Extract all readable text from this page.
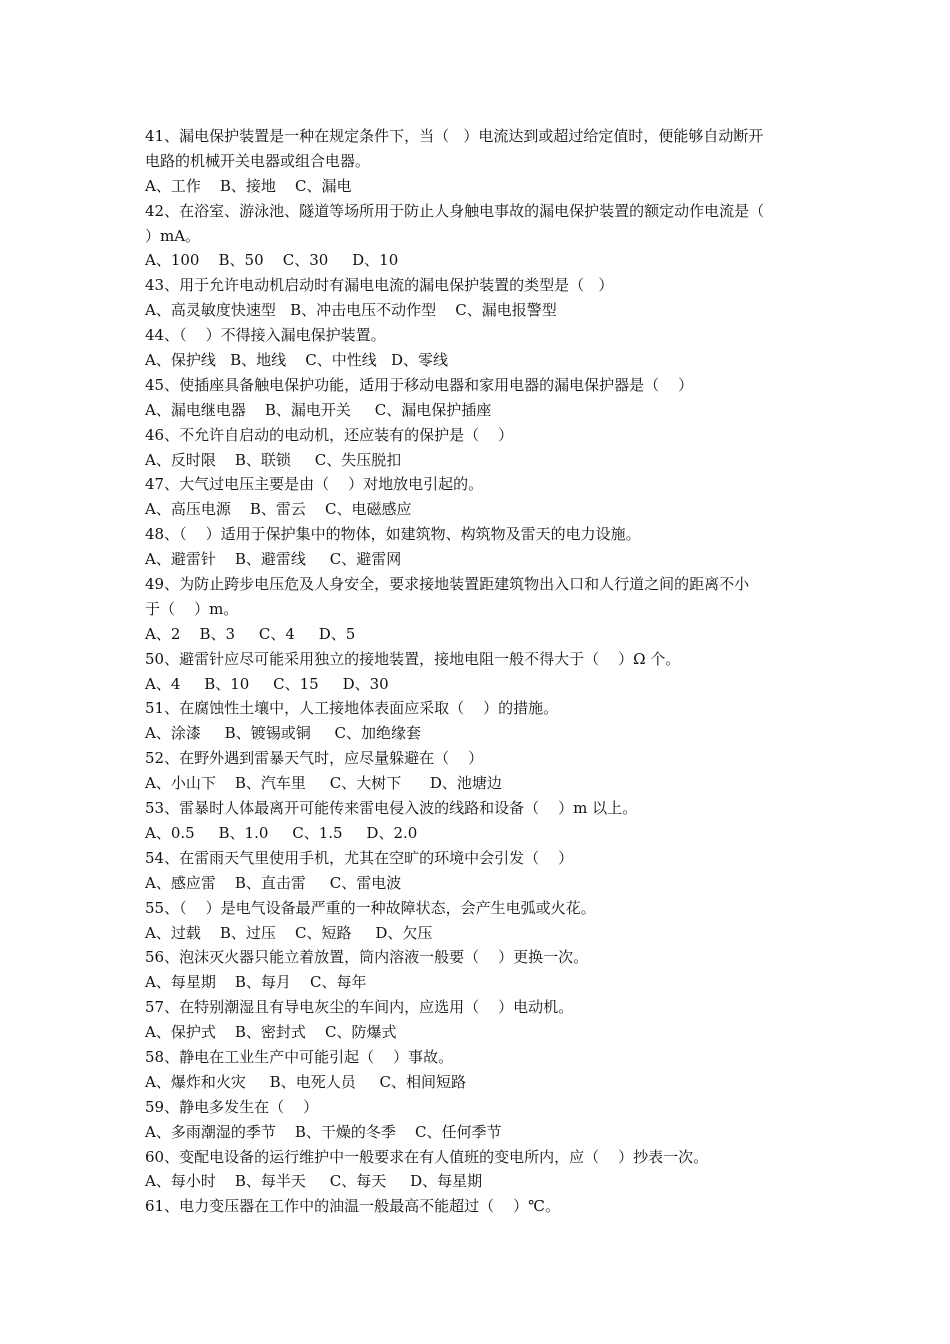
41、漏电保护装置是一种在规定条件下，当（   ）电流达到或超过给定值时，便能够自动断开
电路的机械开关电器或组合电器。
A、工作    B、接地    C、漏电
42、在浴室、游泳池、隧道等场所用于防止人身触电事故的漏电保护装置的额定动作电流是（
）mA。
A、100    B、50    C、30     D、10
43、用于允许电动机启动时有漏电电流的漏电保护装置的类型是（   ）
A、高灵敏度快速型   B、冲击电压不动作型    C、漏电报警型
44、（    ）不得接入漏电保护装置。
A、保护线   B、地线    C、中性线   D、零线
45、使插座具备触电保护功能，适用于移动电器和家用电器的漏电保护器是（    ）
A、漏电继电器    B、漏电开关     C、漏电保护插座
46、不允许自启动的电动机，还应装有的保护是（    ）
A、反时限    B、联锁     C、失压脱扣
47、大气过电压主要是由（    ）对地放电引起的。
A、高压电源    B、雷云    C、电磁感应
48、（    ）适用于保护集中的物体，如建筑物、构筑物及雷天的电力设施。
A、避雷针    B、避雷线     C、避雷网
49、为防止跨步电压危及人身安全，要求接地装置距建筑物出入口和人行道之间的距离不小
于（    ）m。
A、2    B、3     C、4     D、5
50、避雷针应尽可能采用独立的接地装置，接地电阻一般不得大于（    ）Ω 个。
A、4     B、10     C、15     D、30
51、在腐蚀性土壤中，人工接地体表面应采取（    ）的措施。
A、涂漆     B、镀锡或铜     C、加绝缘套
52、在野外遇到雷暴天气时，应尽量躲避在（    ）
A、小山下    B、汽车里     C、大树下      D、池塘边
53、雷暴时人体最离开可能传来雷电侵入波的线路和设备（    ）m 以上。
A、0.5     B、1.0     C、1.5     D、2.0
54、在雷雨天气里使用手机，尤其在空旷的环境中会引发（    ）
A、感应雷    B、直击雷     C、雷电波
55、（    ）是电气设备最严重的一种故障状态，会产生电弧或火花。
A、过载    B、过压    C、短路     D、欠压
56、泡沫灭火器只能立着放置，筒内溶液一般要（    ）更换一次。
A、每星期    B、每月    C、每年
57、在特别潮湿且有导电灰尘的车间内，应选用（    ）电动机。
A、保护式    B、密封式    C、防爆式
58、静电在工业生产中可能引起（    ）事故。
A、爆炸和火灾     B、电死人员     C、相间短路
59、静电多发生在（    ）
A、多雨潮湿的季节    B、干燥的冬季    C、任何季节
60、变配电设备的运行维护中一般要求在有人值班的变电所内，应（    ）抄表一次。
A、每小时    B、每半天     C、每天     D、每星期
61、电力变压器在工作中的油温一般最高不能超过（    ）℃。
